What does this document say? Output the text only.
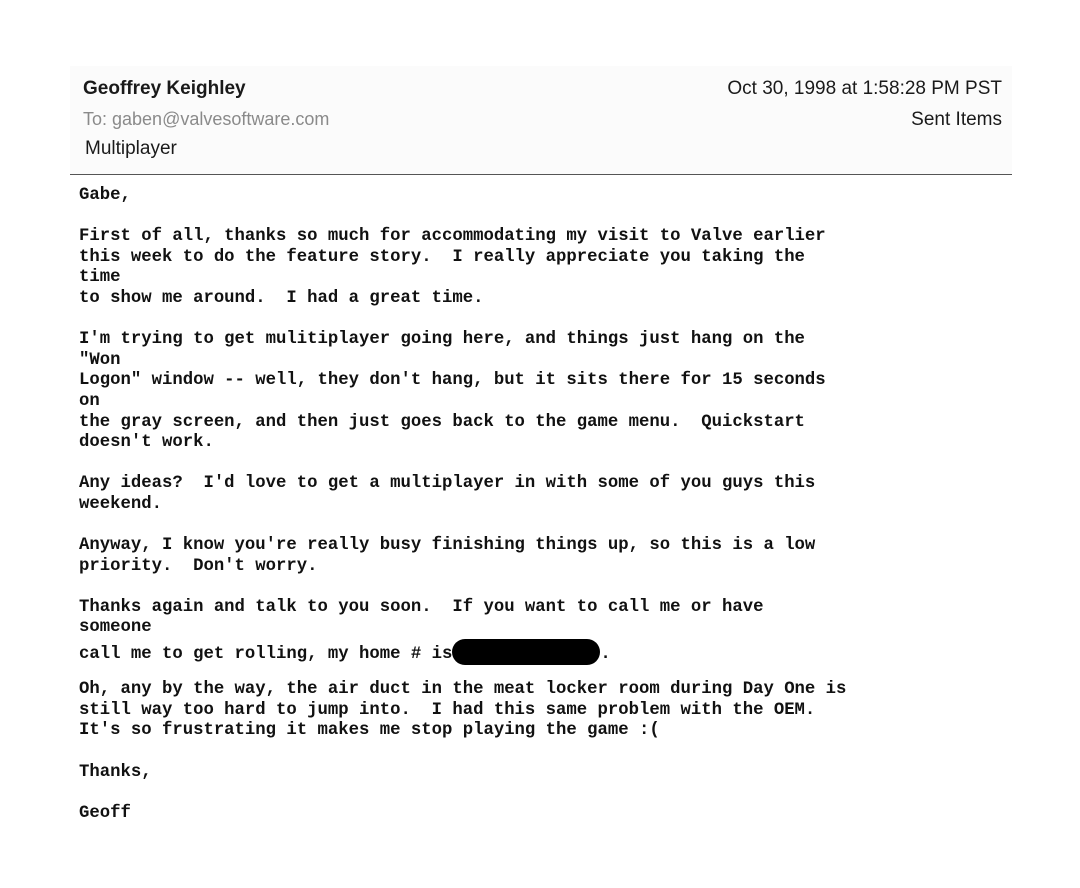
Geoffrey Keighley
To: gaben@valvesoftware.com
Multiplayer
Oct 30, 1998 at 1:58:28 PM PST
Sent Items
Gabe,
First of all, thanks so much for accommodating my visit to Valve earlier
this week to do the feature story.  I really appreciate you taking the
time
to show me around.  I had a great time.
I'm trying to get mulitiplayer going here, and things just hang on the
"Won
Logon" window -- well, they don't hang, but it sits there for 15 seconds
on
the gray screen, and then just goes back to the game menu.  Quickstart
doesn't work.
Any ideas?  I'd love to get a multiplayer in with some of you guys this
weekend.
Anyway, I know you're really busy finishing things up, so this is a low
priority.  Don't worry.
Thanks again and talk to you soon.  If you want to call me or have
someone
call me to get rolling, my home # is	.
Oh, any by the way, the air duct in the meat locker room during Day One is
still way too hard to jump into.  I had this same problem with the OEM.
It's so frustrating it makes me stop playing the game :(
Thanks,
Geoff
